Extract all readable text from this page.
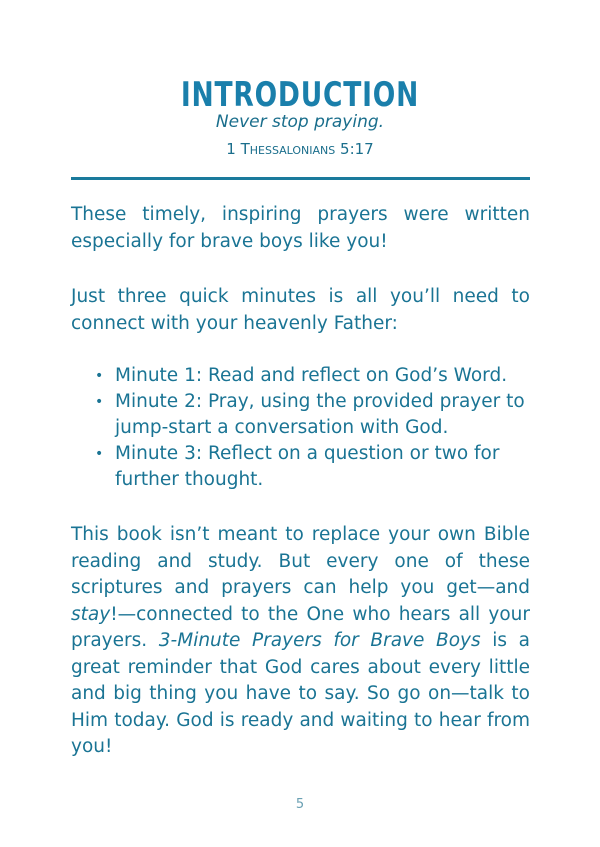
INTRODUCTION
Never stop praying.
1 Thessalonians 5:17

These timely, inspiring prayers were written especially for brave boys like you!

Just three quick minutes is all you’ll need to connect with your heavenly Father:

• Minute 1: Read and reflect on God’s Word.
• Minute 2: Pray, using the provided prayer to jump-start a conversation with God.
• Minute 3: Reflect on a question or two for further thought.

This book isn’t meant to replace your own Bible reading and study. But every one of these scriptures and prayers can help you get—and stay!—connected to the One who hears all your prayers. 3-Minute Prayers for Brave Boys is a great reminder that God cares about every little and big thing you have to say. So go on—talk to Him today. God is ready and waiting to hear from you!

5
